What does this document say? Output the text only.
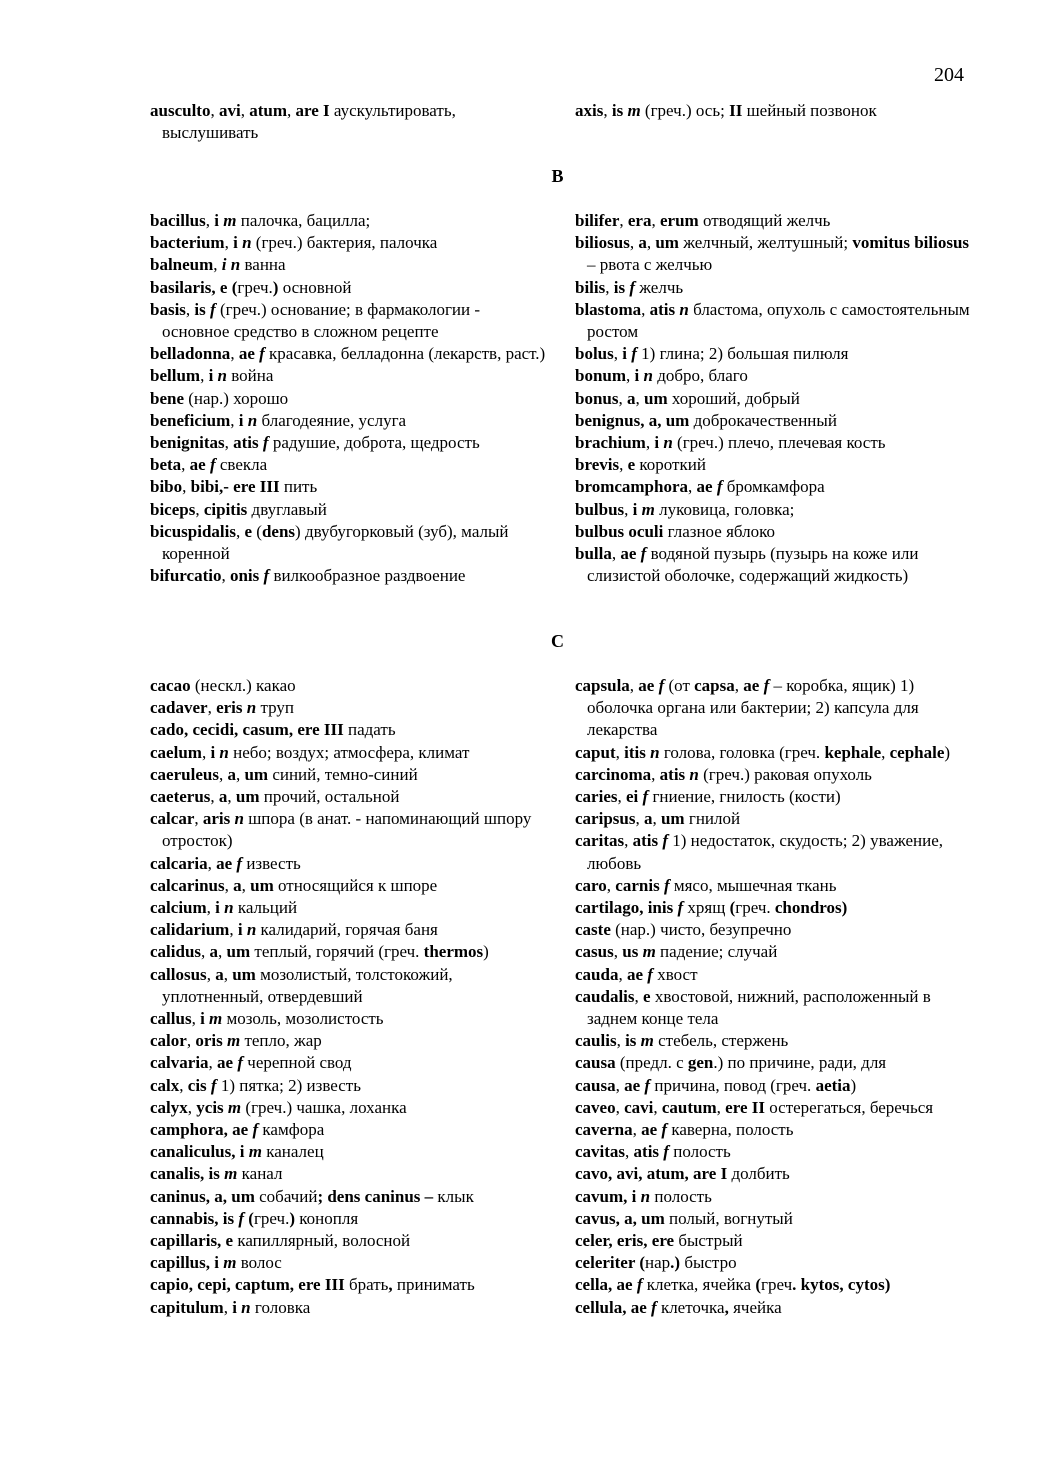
204
ausculto, avi, atum, are I аускультировать, выслушивать
axis, is m (греч.) ось; II шейный позвонок
B
bacillus, i m палочка, бацилла;
bacterium, i n (греч.) бактерия, палочка
balneum, i n ванна
basilaris, e (греч.) основной
basis, is f (греч.) основание; в фармакологии - основное средство в сложном рецепте
belladonna, ae f красавка, белладонна (лекарств, раст.)
bellum, i n война
bene (нар.) хорошо
beneficium, i n благодеяние, услуга
benignitas, atis f радушие, доброта, щедрость
beta, ae f свекла
bibo, bibi,- ere III пить
biceps, cipitis двуглавый
bicuspidalis, e (dens) двубугорковый (зуб), малый коренной
bifurcatio, onis f вилкообразное раздвоение
bilifer, era, erum отводящий желчь
biliosus, a, um желчный, желтушный; vomitus biliosus – рвота с желчью
bilis, is f желчь
blastoma, atis n бластома, опухоль с самостоятельным ростом
bolus, i f 1) глина; 2) большая пилюля
bonum, i n добро, благо
bonus, a, um хороший, добрый
benignus, a, um доброкачественный
brachium, i n (греч.) плечо, плечевая кость
brevis, e короткий
bromcamphora, ae f бромкамфора
bulbus, i m луковица, головка;
bulbus oculi глазное яблоко
bulla, ae f водяной пузырь (пузырь на коже или слизистой оболочке, содержащий жидкость)
C
cacao (нескл.) какао
cadaver, eris n труп
cado, cecidi, casum, ere III падать
caelum, i n небо; воздух; атмосфера, климат
caeruleus, a, um синий, темно-синий
caeterus, a, um прочий, остальной
calcar, aris n шпора (в анат. - напоминающий шпору отросток)
calcaria, ae f известь
calcarinus, a, um относящийся к шпоре
calcium, i n кальций
calidarium, i n калидарий, горячая баня
calidus, a, um теплый, горячий (греч. thermos)
callosus, a, um мозолистый, толстокожий, уплотненный, отвердевший
callus, i m мозоль, мозолистость
calor, oris m тепло, жар
calvaria, ae f черепной свод
calx, cis f 1) пятка; 2) известь
calyx, ycis m (греч.) чашка, лоханка
camphora, ae f камфора
canaliculus, i m каналец
canalis, is m канал
caninus, a, um собачий; dens caninus – клык
cannabis, is f (греч.) конопля
capillaris, e капиллярный, волосной
capillus, i m волос
capio, cepi, captum, ere III брать, принимать
capitulum, i n головка
capsula, ae f (от capsa, ae f – коробка, ящик) 1) оболочка органа или бактерии; 2) капсула для лекарства
caput, itis n голова, головка (греч. kephale, cephale)
carcinoma, atis n (греч.) раковая опухоль
caries, ei f гниение, гнилость (кости)
caripsus, a, um гнилой
caritas, atis f 1) недостаток, скудость; 2) уважение, любовь
caro, carnis f мясо, мышечная ткань
cartilago, inis f хрящ (греч. chondros)
caste (нар.) чисто, безупречно
casus, us m падение; случай
cauda, ae f хвост
caudalis, e хвостовой, нижний, расположенный в заднем конце тела
caulis, is m стебель, стержень
causa (предл. с gen.) по причине, ради, для
causa, ae f причина, повод (греч. aetia)
caveo, cavi, cautum, ere II остерегаться, беречься
caverna, ae f каверна, полость
cavitas, atis f полость
cavo, avi, atum, are I долбить
cavum, i n полость
cavus, a, um полый, вогнутый
celer, eris, ere быстрый
celeriter (нар.) быстро
cella, ae f клетка, ячейка (греч. kytos, cytos)
cellula, ae f клеточка, ячейка
